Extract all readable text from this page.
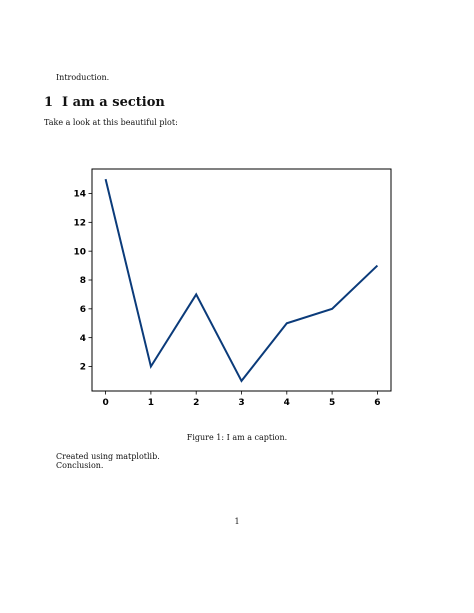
Introduction.
1 I am a section
Take a look at this beautiful plot:
0	1	2	3	4	5	6
2
4
6
8
10
12
14
Figure 1: I am a caption.
Created using matplotlib.
Conclusion.
1
